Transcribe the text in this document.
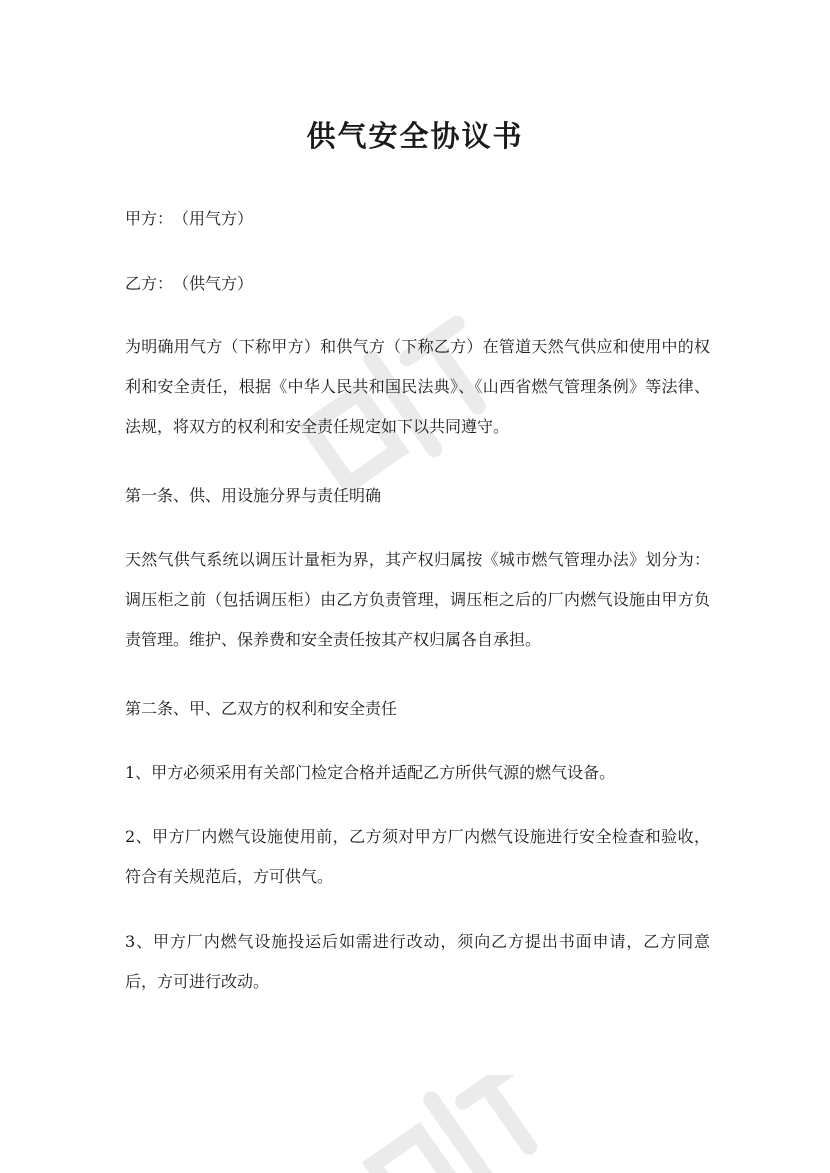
供气安全协议书

甲方：　（用气方）

乙方：　（供气方）

为明确用气方（下称甲方）和供气方（下称乙方）在管道天然气供应和使用中的权利和安全责任，根据《中华人民共和国民法典》、《山西省燃气管理条例》等法律、法规，将双方的权利和安全责任规定如下以共同遵守。

第一条、供、用设施分界与责任明确

天然气供气系统以调压计量柜为界，其产权归属按《城市燃气管理办法》划分为：调压柜之前（包括调压柜）由乙方负责管理，调压柜之后的厂内燃气设施由甲方负责管理。维护、保养费和安全责任按其产权归属各自承担。

第二条、甲、乙双方的权利和安全责任

1、甲方必须采用有关部门检定合格并适配乙方所供气源的燃气设备。

2、甲方厂内燃气设施使用前，乙方须对甲方厂内燃气设施进行安全检查和验收，符合有关规范后，方可供气。

3、甲方厂内燃气设施投运后如需进行改动，须向乙方提出书面申请，乙方同意后，方可进行改动。
